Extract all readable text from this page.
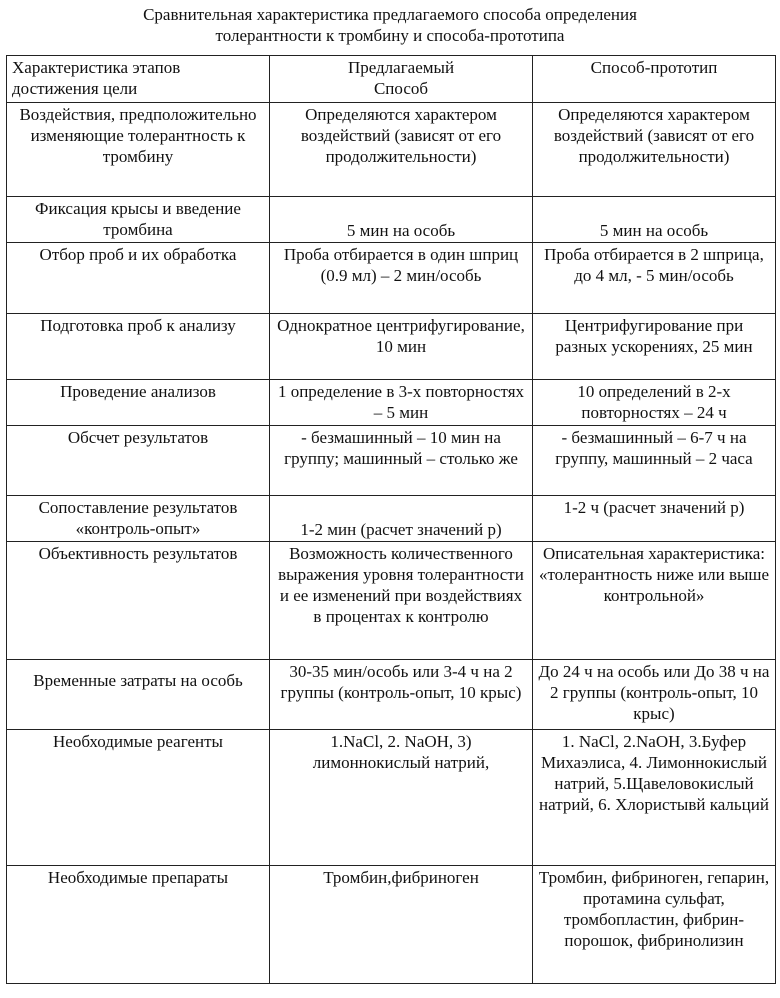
Сравнительная характеристика предлагаемого способа определения
толерантности к тромбину и способа-прототипа
Характеристика этапов достижения цели	Предлагаемый Способ	Способ-прототип
Воздействия, предположительно изменяющие толерантность к тромбину	Определяются характером воздействий (зависят от его продолжительности)	Определяются характером воздействий (зависят от его продолжительности)
Фиксация крысы и введение тромбина	5 мин на особь	5 мин на особь
Отбор проб и их обработка	Проба отбирается в один шприц (0.9 мл) – 2 мин/особь	Проба отбирается в 2 шприца, до 4 мл, - 5 мин/особь
Подготовка проб к анализу	Однократное центрифугирование, 10 мин	Центрифугирование при разных ускорениях, 25 мин
Проведение анализов	1 определение в 3-х повторностях – 5 мин	10 определений в 2-х повторностях – 24 ч
Обсчет результатов	- безмашинный – 10 мин на группу; машинный – столько же	- безмашинный – 6-7 ч на группу, машинный – 2 часа
Сопоставление результатов «контроль-опыт»	1-2 мин (расчет значений р)	1-2 ч (расчет значений р)
Объективность результатов	Возможность количественного выражения уровня толерантности и ее изменений при воздействиях в процентах к контролю	Описательная характеристика: «толерантность ниже или выше контрольной»
Временные затраты на особь	30-35 мин/особь или 3-4 ч на 2 группы (контроль-опыт, 10 крыс)	До 24 ч на особь или До 38 ч на 2 группы (контроль-опыт, 10 крыс)
Необходимые реагенты	1.NaCl, 2. NaOH, 3) лимоннокислый натрий,	1. NaCl, 2.NaOH, 3.Буфер Михаэлиса, 4. Лимоннокислый натрий, 5.Щавеловокислый натрий, 6. Хлористывй кальций
Необходимые препараты	Тромбин,фибриноген	Тромбин, фибриноген, гепарин, протамина сульфат, тромбопластин, фибрин-порошок, фибринолизин
